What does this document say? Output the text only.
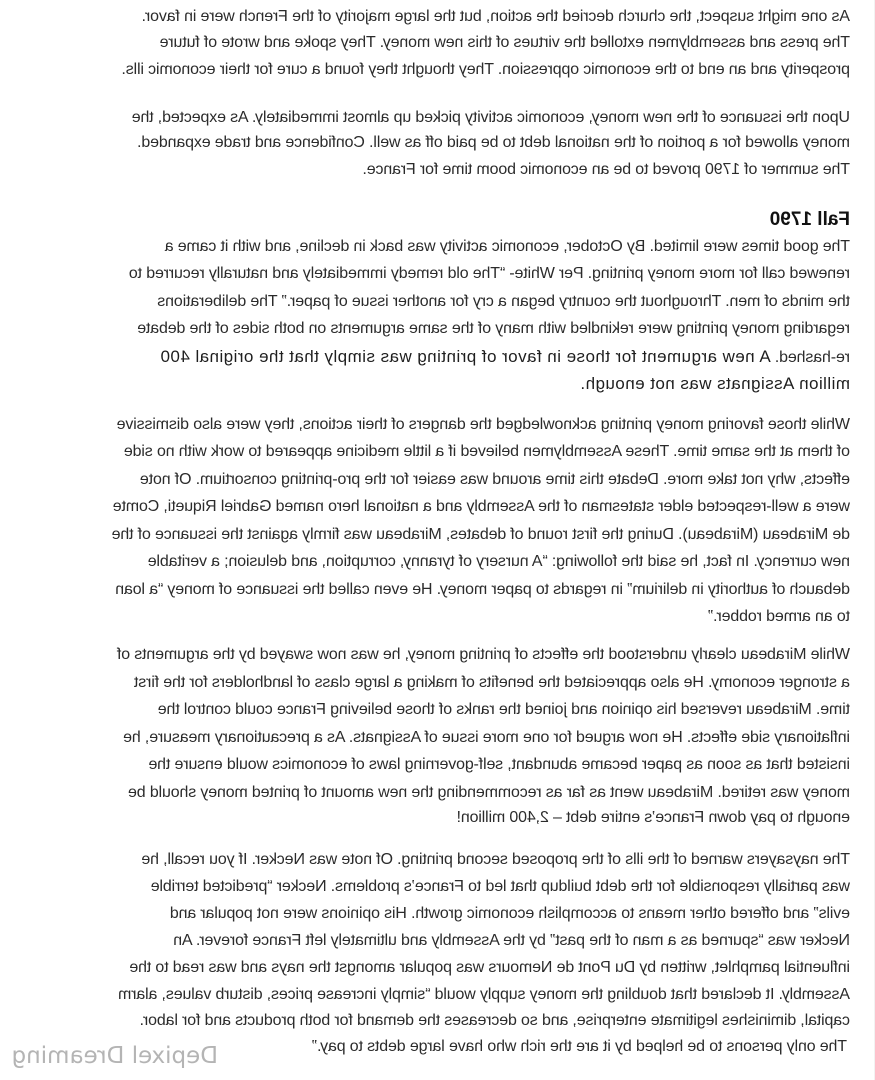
As one might suspect, the church decried the action, but the large majority of the French were in favor.
The press and assemblymen extolled the virtues of this new money. They spoke and wrote of future
prosperity and an end to the economic oppression. They thought they found a cure for their economic ills.
Upon the issuance of the new money, economic activity picked up almost immediately. As expected, the
money allowed for a portion of the national debt to be paid off as well. Confidence and trade expanded.
The summer of 1790 proved to be an economic boom time for France.
Fall 1790
The good times were limited. By October, economic activity was back in decline, and with it came a
renewed call for more money printing. Per White- “The old remedy immediately and naturally recurred to
the minds of men. Throughout the country began a cry for another issue of paper.” The deliberations
regarding money printing were rekindled with many of the same arguments on both sides of the debate
re-hashed. A new argument for those in favor of printing was simply that the original 400
million Assignats was not enough.
While those favoring money printing acknowledged the dangers of their actions, they were also dismissive
of them at the same time. These Assemblymen believed if a little medicine appeared to work with no side
effects, why not take more. Debate this time around was easier for the pro-printing consortium. Of note
were a well-respected elder statesman of the Assembly and a national hero named Gabriel Riqueti, Comte
de Mirabeau (Mirabeau). During the first round of debates, Mirabeau was firmly against the issuance of the
new currency. In fact, he said the following: “A nursery of tyranny, corruption, and delusion; a veritable
debauch of authority in delirium” in regards to paper money. He even called the issuance of money “a loan
to an armed robber.”
While Mirabeau clearly understood the effects of printing money, he was now swayed by the arguments of
a stronger economy. He also appreciated the benefits of making a large class of landholders for the first
time. Mirabeau reversed his opinion and joined the ranks of those believing France could control the
inflationary side effects. He now argued for one more issue of Assignats. As a precautionary measure, he
insisted that as soon as paper became abundant, self-governing laws of economics would ensure the
money was retired. Mirabeau went as far as recommending the new amount of printed money should be
enough to pay down France’s entire debt – 2,400 million!
The naysayers warned of the ills of the proposed second printing. Of note was Necker. If you recall, he
was partially responsible for the debt buildup that led to France’s problems. Necker “predicted terrible
evils” and offered other means to accomplish economic growth. His opinions were not popular and
Necker was “spurned as a man of the past” by the Assembly and ultimately left France forever. An
influential pamphlet, written by Du Pont de Nemours was popular amongst the nays and was read to the
Assembly. It declared that doubling the money supply would “simply increase prices, disturb values, alarm
capital, diminishes legitimate enterprise, and so decreases the demand for both products and for labor.
The only persons to be helped by it are the rich who have large debts to pay.”
Depixel Dreaming
